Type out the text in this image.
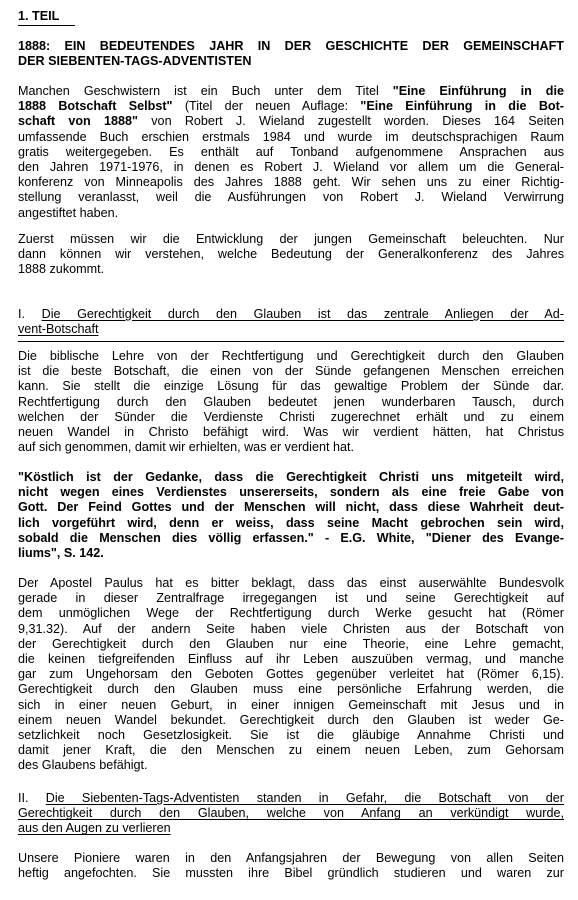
1. TEIL
1888: EIN BEDEUTENDES JAHR IN DER GESCHICHTE DER GEMEINSCHAFT
DER SIEBENTEN-TAGS-ADVENTISTEN
Manchen Geschwistern ist ein Buch unter dem Titel "Eine Einführung in die
1888 Botschaft Selbst" (Titel der neuen Auflage: "Eine Einführung in die Bot-
schaft von 1888" von Robert J. Wieland zugestellt worden. Dieses 164 Seiten
umfassende Buch erschien erstmals 1984 und wurde im deutschsprachigen Raum
gratis weitergegeben. Es enthält auf Tonband aufgenommene Ansprachen aus
den Jahren 1971-1976, in denen es Robert J. Wieland vor allem um die General-
konferenz von Minneapolis des Jahres 1888 geht. Wir sehen uns zu einer Richtig-
stellung veranlasst, weil die Ausführungen von Robert J. Wieland Verwirrung
angestiftet haben.
Zuerst müssen wir die Entwicklung der jungen Gemeinschaft beleuchten. Nur
dann können wir verstehen, welche Bedeutung der Generalkonferenz des Jahres
1888 zukommt.
I. Die Gerechtigkeit durch den Glauben ist das zentrale Anliegen der Ad-
vent-Botschaft
Die biblische Lehre von der Rechtfertigung und Gerechtigkeit durch den Glauben
ist die beste Botschaft, die einen von der Sünde gefangenen Menschen erreichen
kann. Sie stellt die einzige Lösung für das gewaltige Problem der Sünde dar.
Rechtfertigung durch den Glauben bedeutet jenen wunderbaren Tausch, durch
welchen der Sünder die Verdienste Christi zugerechnet erhält und zu einem
neuen Wandel in Christo befähigt wird. Was wir verdient hätten, hat Christus
auf sich genommen, damit wir erhielten, was er verdient hat.
"Köstlich ist der Gedanke, dass die Gerechtigkeit Christi uns mitgeteilt wird,
nicht wegen eines Verdienstes unsererseits, sondern als eine freie Gabe von
Gott. Der Feind Gottes und der Menschen will nicht, dass diese Wahrheit deut-
lich vorgeführt wird, denn er weiss, dass seine Macht gebrochen sein wird,
sobald die Menschen dies völlig erfassen." - E.G. White, "Diener des Evange-
liums", S. 142.
Der Apostel Paulus hat es bitter beklagt, dass das einst auserwählte Bundesvolk
gerade in dieser Zentralfrage irregegangen ist und seine Gerechtigkeit auf
dem unmöglichen Wege der Rechtfertigung durch Werke gesucht hat (Römer
9,31.32). Auf der andern Seite haben viele Christen aus der Botschaft von
der Gerechtigkeit durch den Glauben nur eine Theorie, eine Lehre gemacht,
die keinen tiefgreifenden Einfluss auf ihr Leben auszuüben vermag, und manche
gar zum Ungehorsam den Geboten Gottes gegenüber verleitet hat (Römer 6,15).
Gerechtigkeit durch den Glauben muss eine persönliche Erfahrung werden, die
sich in einer neuen Geburt, in einer innigen Gemeinschaft mit Jesus und in
einem neuen Wandel bekundet. Gerechtigkeit durch den Glauben ist weder Ge-
setzlichkeit noch Gesetzlosigkeit. Sie ist die gläubige Annahme Christi und
damit jener Kraft, die den Menschen zu einem neuen Leben, zum Gehorsam
des Glaubens befähigt.
II. Die Siebenten-Tags-Adventisten standen in Gefahr, die Botschaft von der
Gerechtigkeit durch den Glauben, welche von Anfang an verkündigt wurde,
aus den Augen zu verlieren
Unsere Pioniere waren in den Anfangsjahren der Bewegung von allen Seiten
heftig angefochten. Sie mussten ihre Bibel gründlich studieren und waren zur
